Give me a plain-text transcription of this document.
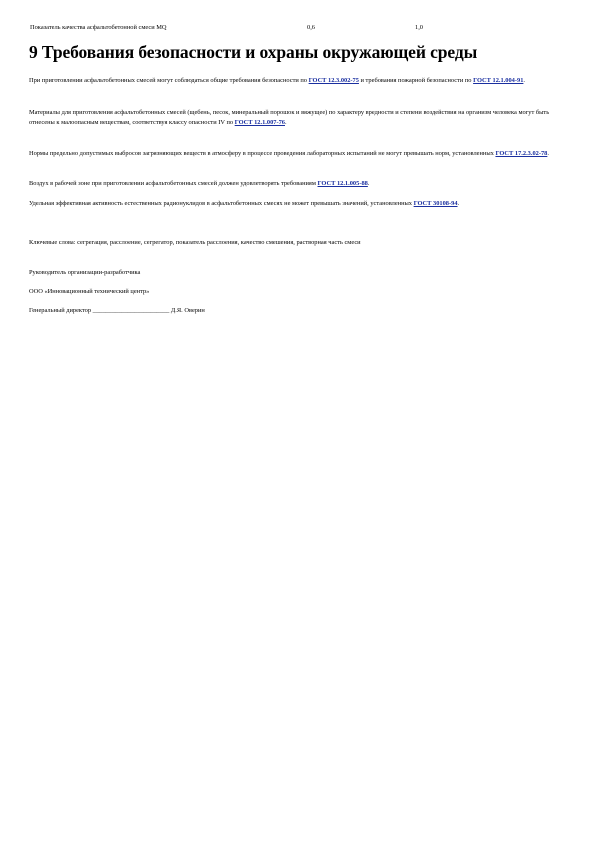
Показатель качества асфальтобетонной смеси MQ	0,6	1,0
9 Требования безопасности и охраны окружающей среды

При приготовлении асфальтобетонных смесей могут соблюдаться общие требования безопасности по ГОСТ 12.3.002-75 и требования пожарной безопасности по ГОСТ 12.1.004-91.

Материалы для приготовления асфальтобетонных смесей (щебень, песок, минеральный порошок и вяжущее) по характеру вредности и степени воздействия на организм человека могут быть отнесены к малоопасным веществам, соответствуя классу опасности IV по ГОСТ 12.1.007-76.

Нормы предельно допустимых выбросов загрязняющих веществ в атмосферу в процессе проведения лабораторных испытаний не могут превышать норм, установленных ГОСТ 17.2.3.02-78.

Воздух в рабочей зоне при приготовлении асфальтобетонных смесей должен удовлетворять требованиям ГОСТ 12.1.005-88.

Удельная эффективная активность естественных радионуклидов в асфальтобетонных смесях не может превышать значений, установленных ГОСТ 30108-94.

Ключевые слова: сегрегация, расслоение, сегрегатор, показатель расслоения, качество смешения, растворная часть смеси

Руководитель организации-разработчика

ООО «Инновационный технический центр»

Генеральный директор ________________________ Д.Я. Оверин
